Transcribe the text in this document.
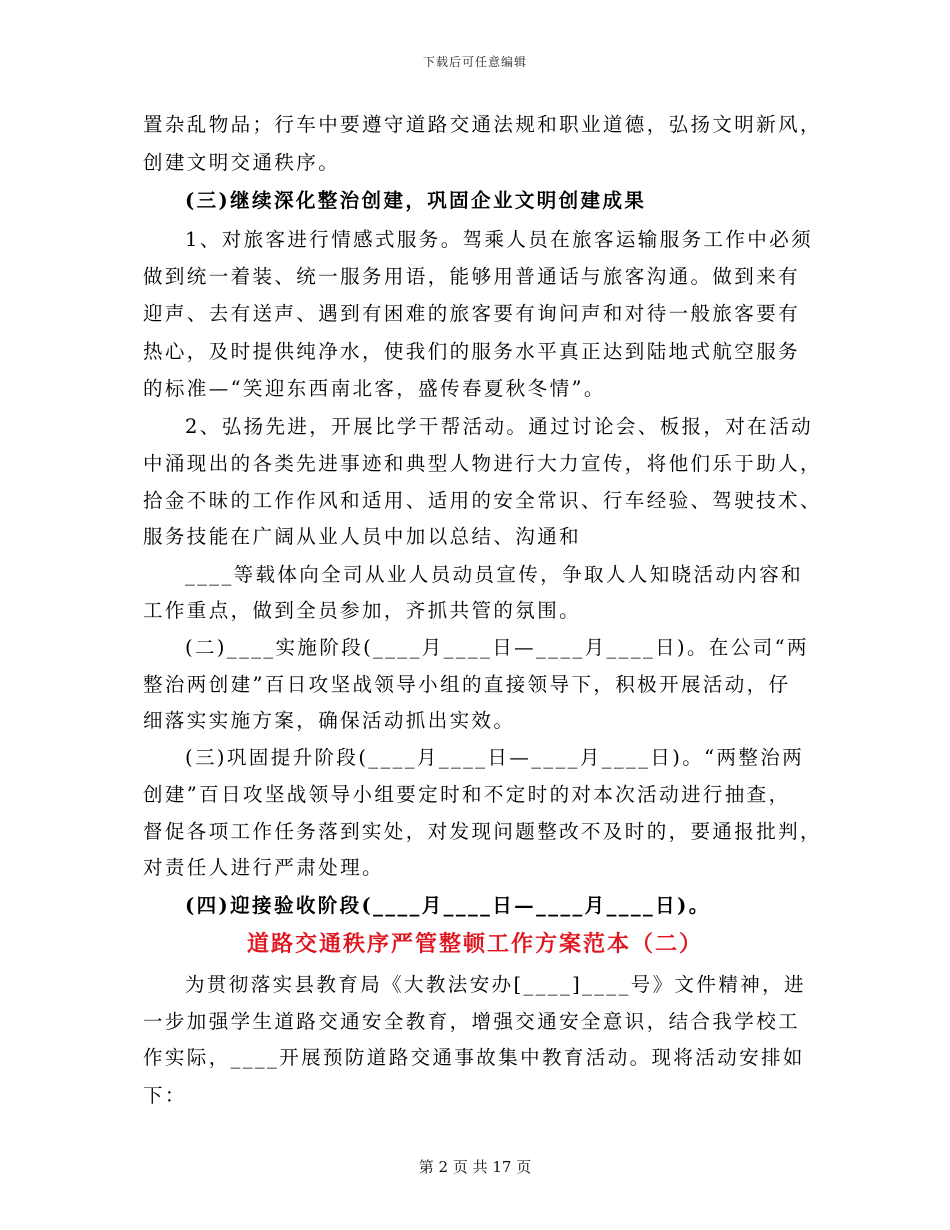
下载后可任意编辑
置杂乱物品；行车中要遵守道路交通法规和职业道德，弘扬文明新风，
创建文明交通秩序。
(三)继续深化整治创建，巩固企业文明创建成果
1、对旅客进行情感式服务。驾乘人员在旅客运输服务工作中必须
做到统一着装、统一服务用语，能够用普通话与旅客沟通。做到来有
迎声、去有送声、遇到有困难的旅客要有询问声和对待一般旅客要有
热心，及时提供纯净水，使我们的服务水平真正达到陆地式航空服务
的标准—“笑迎东西南北客，盛传春夏秋冬情”。
2、弘扬先进，开展比学干帮活动。通过讨论会、板报，对在活动
中涌现出的各类先进事迹和典型人物进行大力宣传，将他们乐于助人，
拾金不昧的工作作风和适用、适用的安全常识、行车经验、驾驶技术、
服务技能在广阔从业人员中加以总结、沟通和
____等载体向全司从业人员动员宣传，争取人人知晓活动内容和
工作重点，做到全员参加，齐抓共管的氛围。
(二)____实施阶段(____月____日—____月____日)。在公司“两
整治两创建”百日攻坚战领导小组的直接领导下，积极开展活动，仔
细落实实施方案，确保活动抓出实效。
(三)巩固提升阶段(____月____日—____月____日)。“两整治两
创建”百日攻坚战领导小组要定时和不定时的对本次活动进行抽查，
督促各项工作任务落到实处，对发现问题整改不及时的，要通报批判，
对责任人进行严肃处理。
(四)迎接验收阶段(____月____日—____月____日)。
道路交通秩序严管整顿工作方案范本（二）
为贯彻落实县教育局《大教法安办[____]____号》文件精神，进
一步加强学生道路交通安全教育，增强交通安全意识，结合我学校工
作实际，____开展预防道路交通事故集中教育活动。现将活动安排如
下：
第 2 页 共 17 页
